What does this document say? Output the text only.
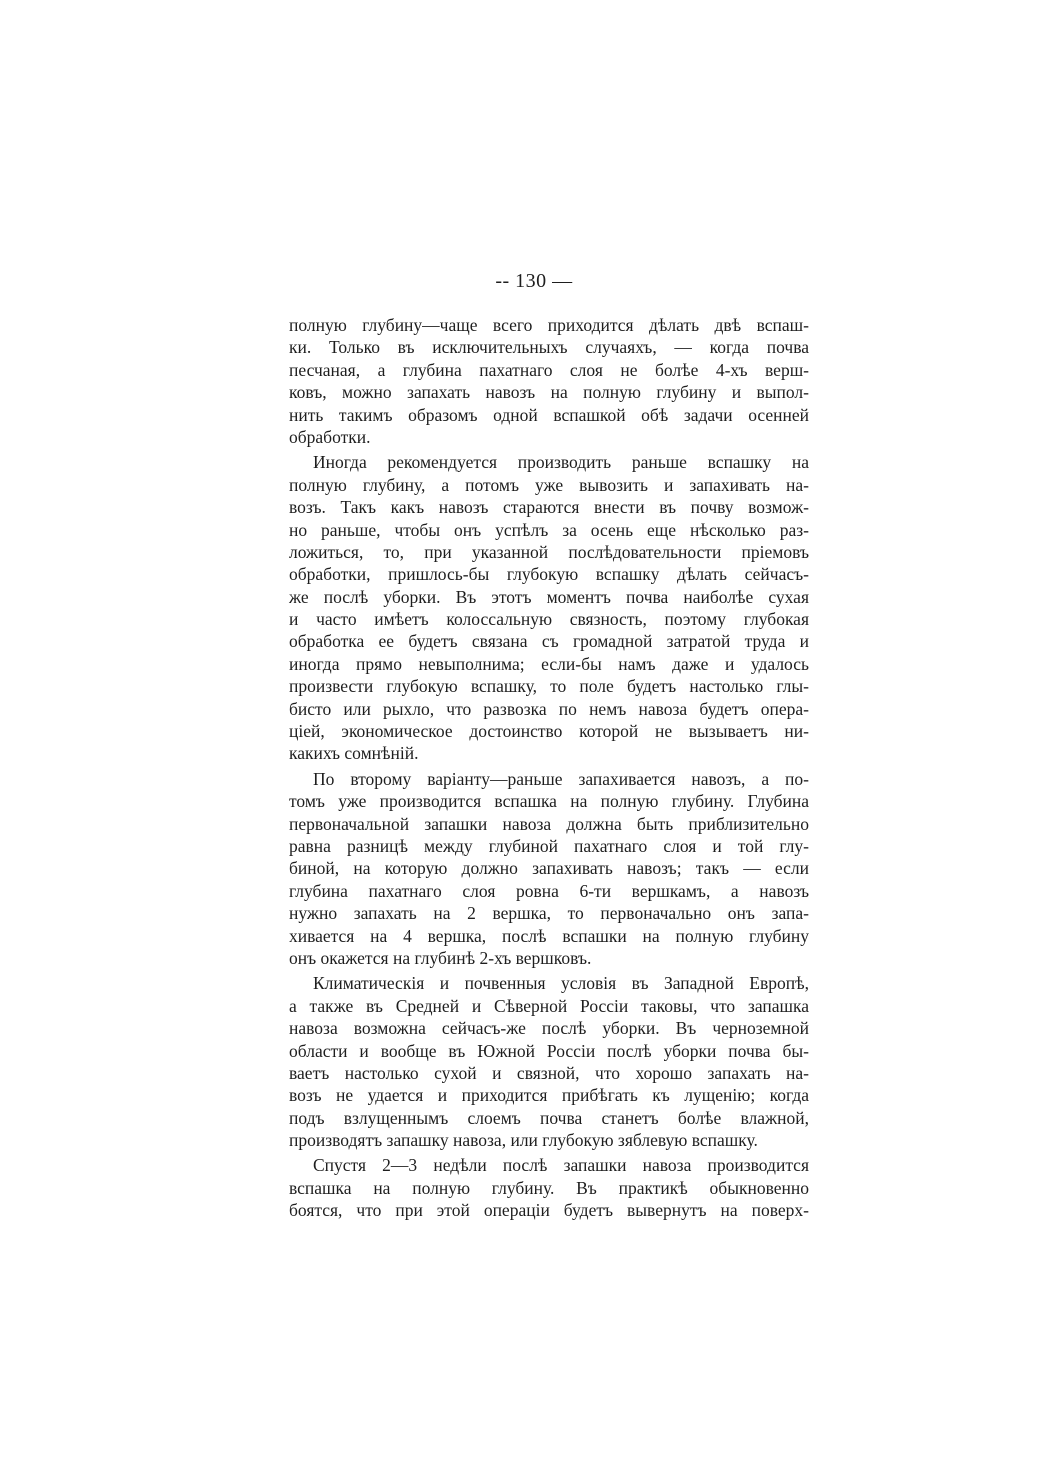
-- 130 —
полную глубину—чаще всего приходится дѣлать двѣ вспаш-
ки. Только въ исключительныхъ случаяхъ, — когда почва
песчаная, а глубина пахатнаго слоя не болѣе 4-хъ верш-
ковъ, можно запахать навозъ на полную глубину и выпол-
нить такимъ образомъ одной вспашкой обѣ задачи осенней
обработки.
Иногда рекомендуется производить раньше вспашку на
полную глубину, а потомъ уже вывозить и запахивать на-
возъ. Такъ какъ навозъ стараются внести въ почву возмож-
но раньше, чтобы онъ успѣлъ за осень еще нѣсколько раз-
ложиться, то, при указанной послѣдовательности пріемовъ
обработки, пришлось-бы глубокую вспашку дѣлать сейчасъ-
же послѣ уборки. Въ этотъ моментъ почва наиболѣе сухая
и часто имѣетъ колоссальную связность, поэтому глубокая
обработка ее будетъ связана съ громадной затратой труда и
иногда прямо невыполнима; если-бы намъ даже и удалось
произвести глубокую вспашку, то поле будетъ настолько глы-
бисто или рыхло, что развозка по немъ навоза будетъ опера-
ціей, экономическое достоинство которой не вызываетъ ни-
какихъ сомнѣній.
По второму варіанту—раньше запахивается навозъ, а по-
томъ уже производится вспашка на полную глубину. Глубина
первоначальной запашки навоза должна быть приблизительно
равна разницѣ между глубиной пахатнаго слоя и той глу-
биной, на которую должно запахивать навозъ; такъ — если
глубина пахатнаго слоя ровна 6-ти вершкамъ, а навозъ
нужно запахать на 2 вершка, то первоначально онъ запа-
хивается на 4 вершка, послѣ вспашки на полную глубину
онъ окажется на глубинѣ 2-хъ вершковъ.
Климатическія и почвенныя условія въ Западной Европѣ,
а также въ Средней и Сѣверной Россіи таковы, что запашка
навоза возможна сейчасъ-же послѣ уборки. Въ черноземной
области и вообще въ Южной Россіи послѣ уборки почва бы-
ваетъ настолько сухой и связной, что хорошо запахать на-
возъ не удается и приходится прибѣгать къ лущенію; когда
подъ взлущеннымъ слоемъ почва станетъ болѣе влажной,
производятъ запашку навоза, или глубокую зяблевую вспашку.
Спустя 2—3 недѣли послѣ запашки навоза производится
вспашка на полную глубину. Въ практикѣ обыкновенно
боятся, что при этой операціи будетъ вывернутъ на поверх-
